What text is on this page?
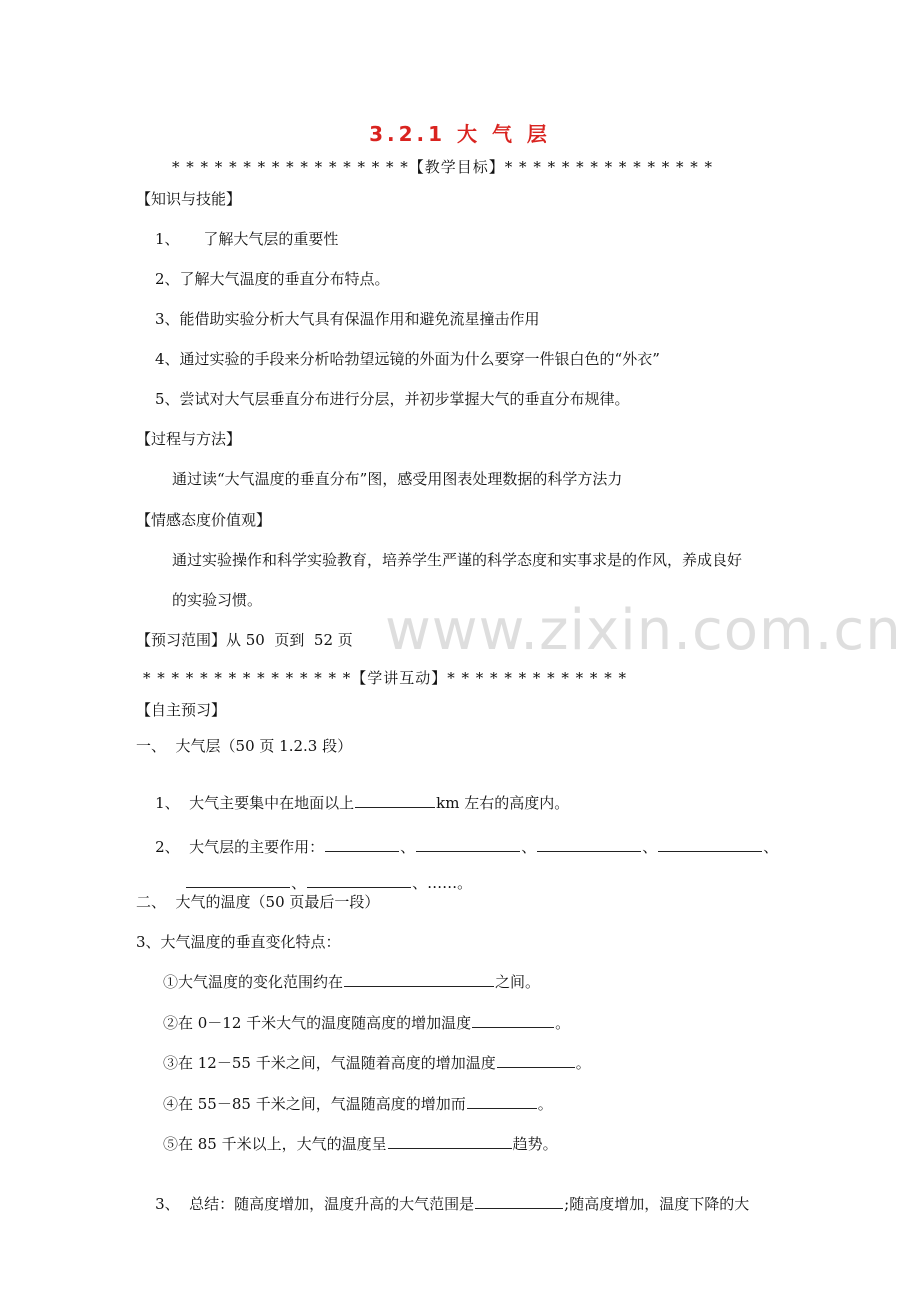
3.2.1 大 气 层
* * * * * * * * * * * * * * * * *【教学目标】* * * * * * * * * * * * * * *
【知识与技能】
1、     了解大气层的重要性
2、了解大气温度的垂直分布特点。
3、能借助实验分析大气具有保温作用和避免流星撞击作用
4、通过实验的手段来分析哈勃望远镜的外面为什么要穿一件银白色的“外衣”
5、尝试对大气层垂直分布进行分层，并初步掌握大气的垂直分布规律。
【过程与方法】
通过读“大气温度的垂直分布”图，感受用图表处理数据的科学方法力
【情感态度价值观】
通过实验操作和科学实验教育，培养学生严谨的科学态度和实事求是的作风，养成良好
的实验习惯。 www.zixin.com.cn
【预习范围】从 50  页到  52 页
* * * * * * * * * * * * * * *【学讲互动】* * * * * * * * * * * * *
【自主预习】
一、  大气层（50 页 1.2.3 段）

1、  大气主要集中在地面以上	km 左右的高度内。

2、  大气层的主要作用：	、	、	、	、

、	、……。

二、  大气的温度（50 页最后一段）
3、大气温度的垂直变化特点：
①大气温度的变化范围约在	之间。
②在 0－12 千米大气的温度随高度的增加温度	。
③在 12－55 千米之间，气温随着高度的增加温度	。
④在 55－85 千米之间，气温随高度的增加而	。
⑤在 85 千米以上，大气的温度呈	趋势。

3、  总结：随高度增加，温度升高的大气范围是	;随高度增加，温度下降的大
